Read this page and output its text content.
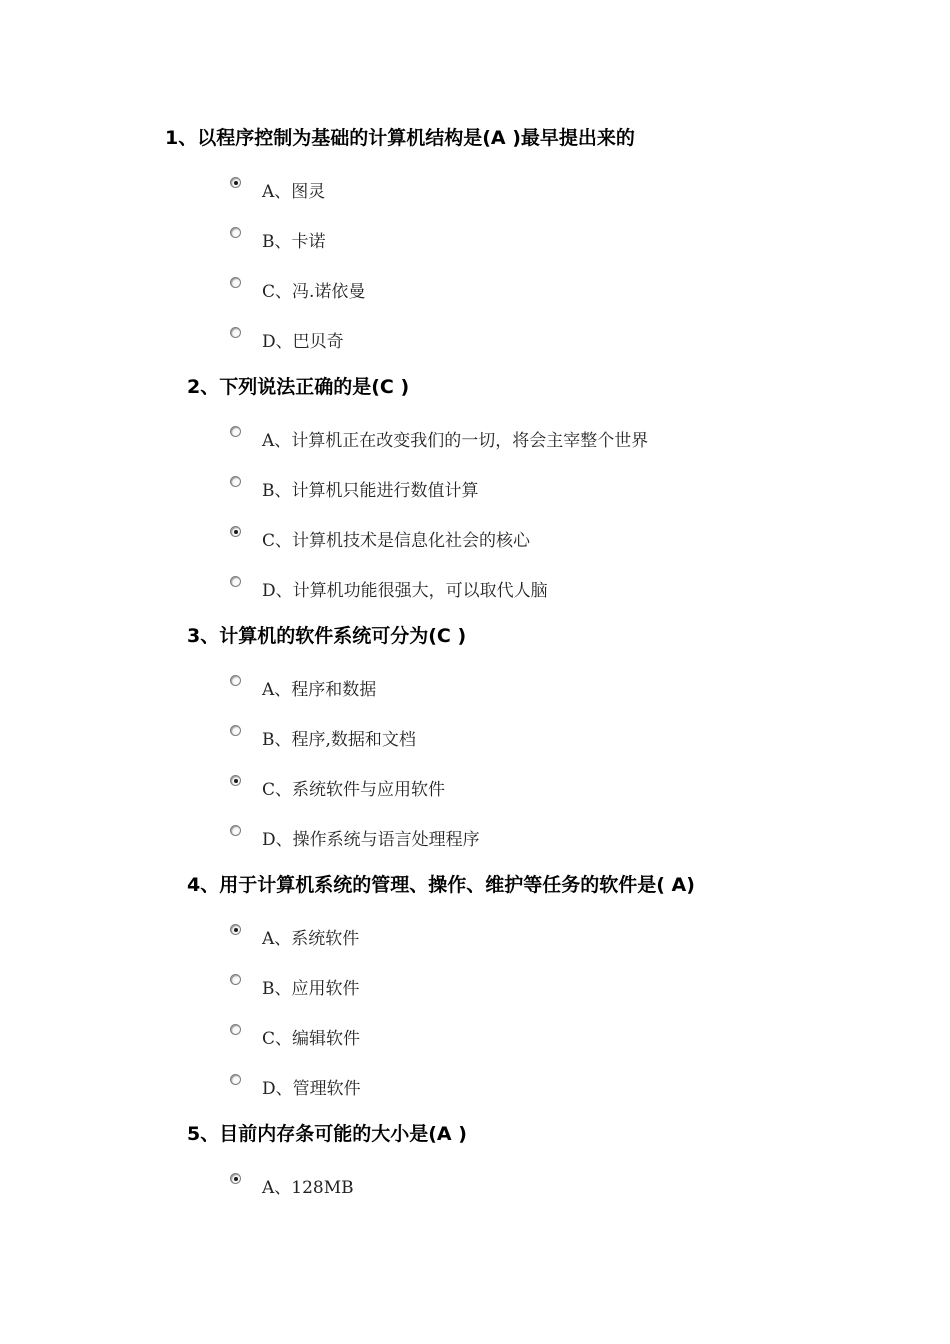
1、以程序控制为基础的计算机结构是(A )最早提出来的
A、图灵
B、卡诺
C、冯.诺依曼
D、巴贝奇
2、下列说法正确的是(C )
A、计算机正在改变我们的一切，将会主宰整个世界
B、计算机只能进行数值计算
C、计算机技术是信息化社会的核心
D、计算机功能很强大，可以取代人脑
3、计算机的软件系统可分为(C )
A、程序和数据
B、程序,数据和文档
C、系统软件与应用软件
D、操作系统与语言处理程序
4、用于计算机系统的管理、操作、维护等任务的软件是( A)
A、系统软件
B、应用软件
C、编辑软件
D、管理软件
5、目前内存条可能的大小是(A )
A、128MB
